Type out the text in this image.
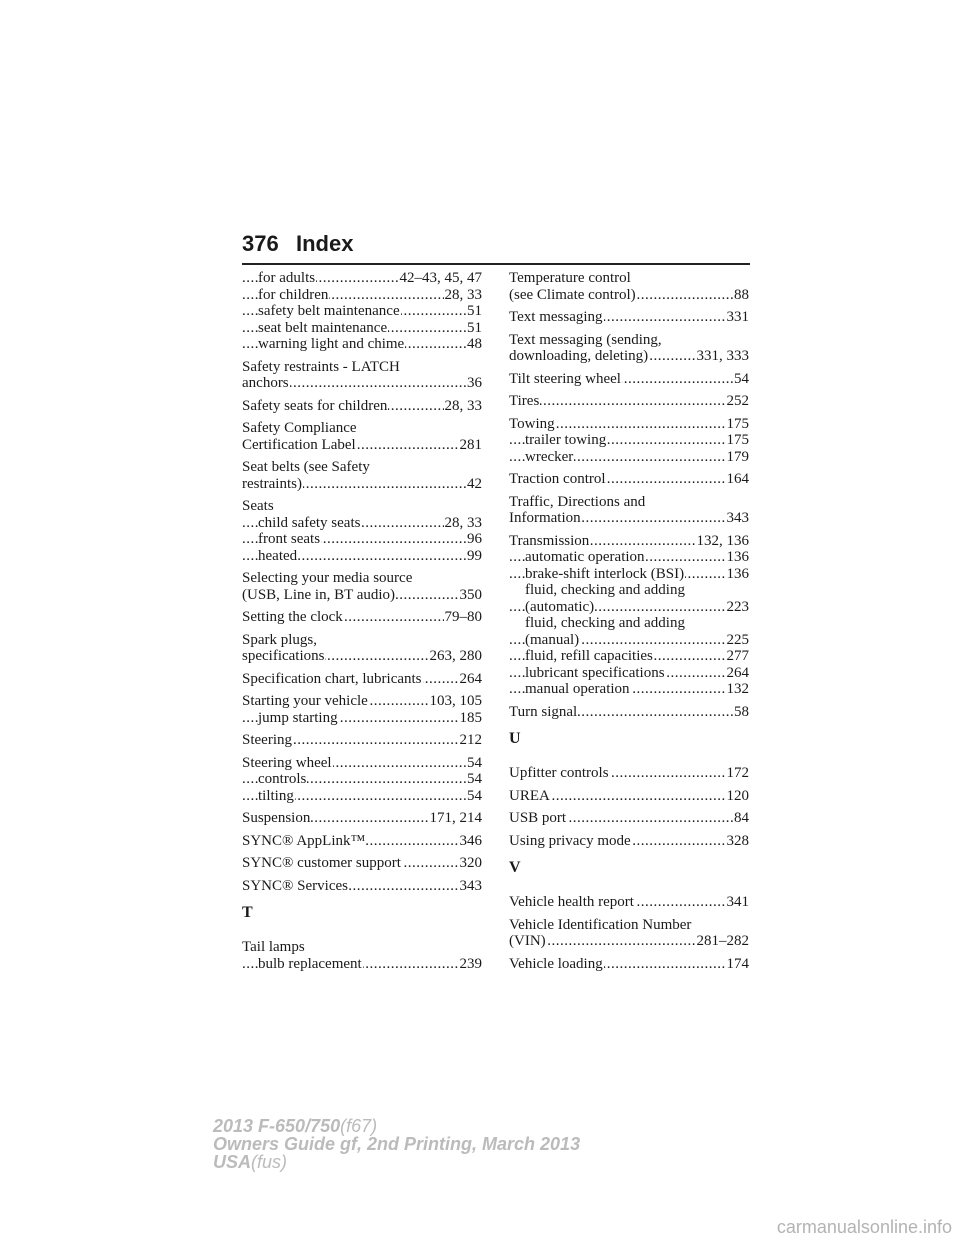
376 Index
..... for adults	42–43, 45, 47
..... for children	28, 33
..... safety belt maintenance	51
..... seat belt maintenance	51
..... warning light and chime	48
Safety restraints - LATCH
..... anchors	36
..... Safety seats for children	28, 33
Safety Compliance
..... Certification Label	281
Seat belts (see Safety
..... restraints)	42
Seats
..... child safety seats	28, 33
..... front seats	96
..... heated	99
Selecting your media source
..... (USB, Line in, BT audio)	350
..... Setting the clock	79–80
Spark plugs,
..... specifications	263, 280
..... Specification chart, lubricants	264
..... Starting your vehicle	103, 105
..... jump starting	185
..... Steering	212
..... Steering wheel	54
..... controls	54
..... tilting	54
..... Suspension	171, 214
..... SYNC® AppLink™	346
..... SYNC® customer support	320
..... SYNC® Services	343
T
Tail lamps
..... bulb replacement	239
Temperature control
..... (see Climate control)	88
..... Text messaging	331
Text messaging (sending,
..... downloading, deleting)	331, 333
..... Tilt steering wheel	54
..... Tires	252
..... Towing	175
..... trailer towing	175
..... wrecker	179
..... Traction control	164
Traffic, Directions and
..... Information	343
..... Transmission	132, 136
..... automatic operation	136
..... brake-shift interlock (BSI)	136
fluid, checking and adding
..... (automatic)	223
fluid, checking and adding
..... (manual)	225
..... fluid, refill capacities	277
..... lubricant specifications	264
..... manual operation	132
..... Turn signal	58
U
..... Upfitter controls	172
..... UREA	120
..... USB port	84
..... Using privacy mode	328
V
..... Vehicle health report	341
Vehicle Identification Number
..... (VIN)	281–282
..... Vehicle loading	174
2013 F-650/750(f67)
Owners Guide gf, 2nd Printing, March 2013
USA(fus)
carmanualsonline.info
